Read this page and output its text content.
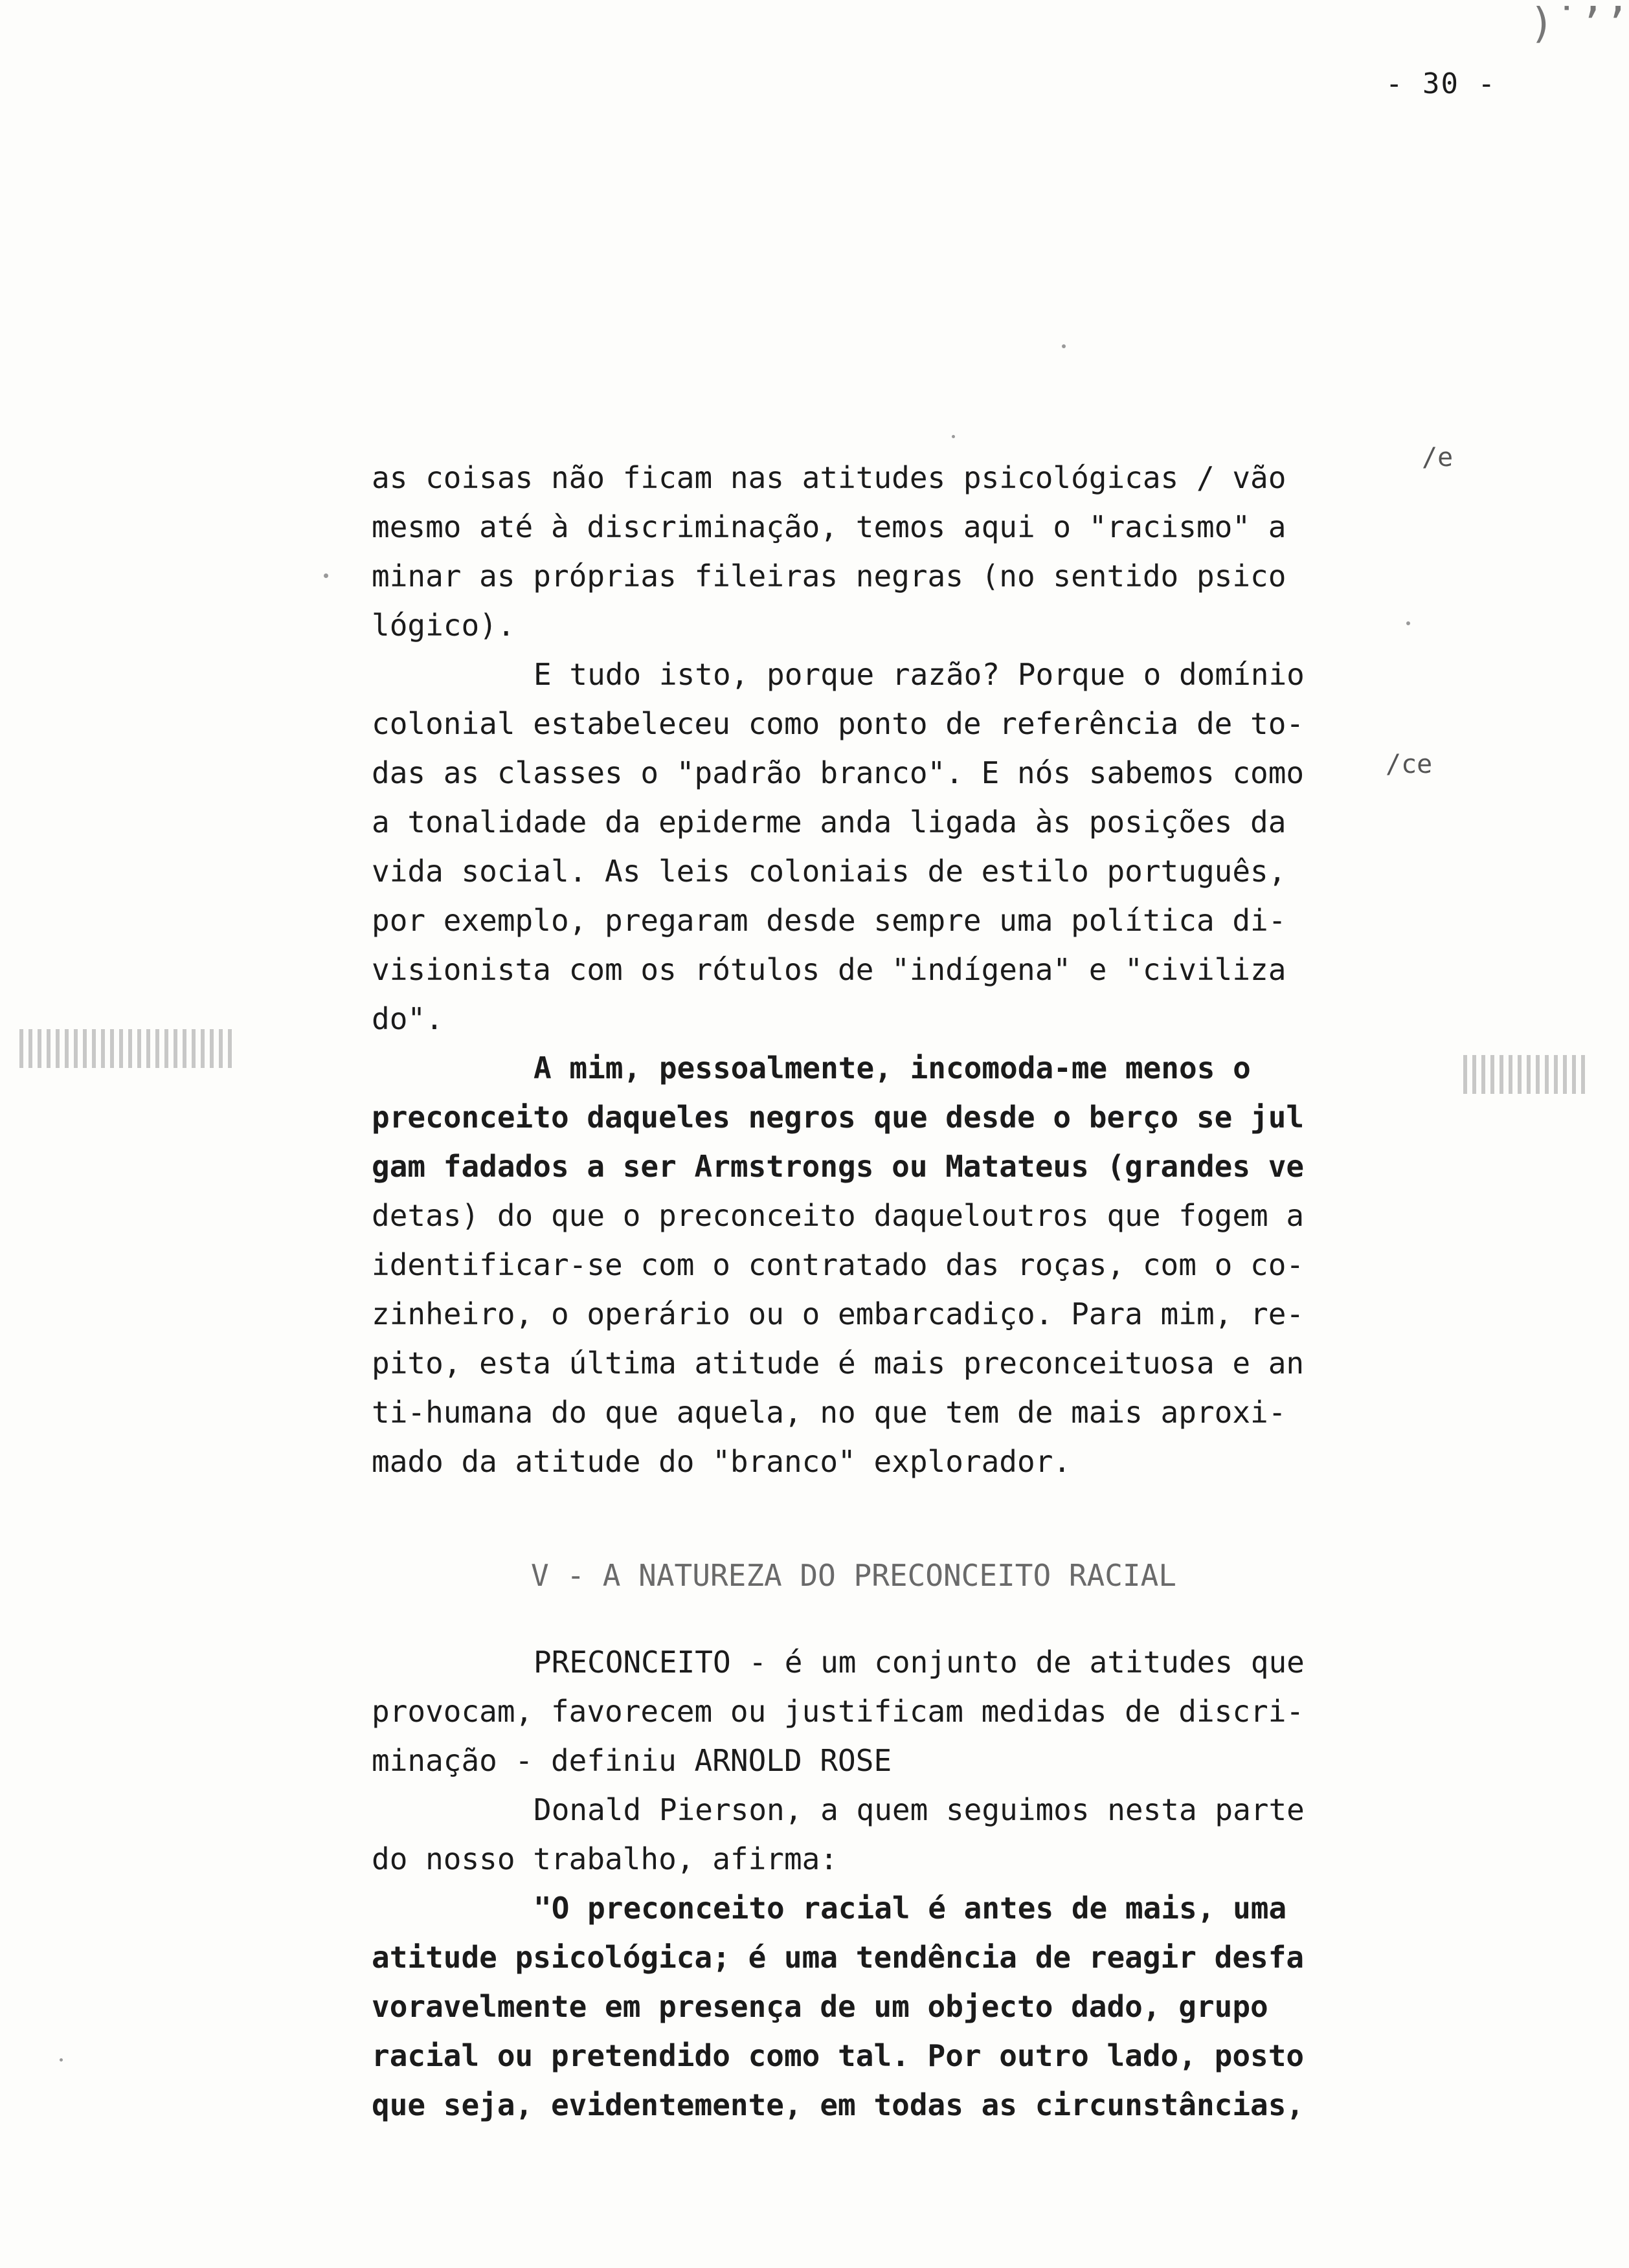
)˙ʼ’
- 30 -
/e
/ce
as coisas não ficam nas atitudes psicológicas / vão
mesmo até à discriminação, temos aqui o "racismo" a
minar as próprias fileiras negras (no sentido psico
lógico).
E tudo isto, porque razão? Porque o domínio
colonial estabeleceu como ponto de referência de to-
das as classes o "padrão branco". E nós sabemos como
a tonalidade da epiderme anda ligada às posições da
vida social. As leis coloniais de estilo português,
por exemplo, pregaram desde sempre uma política di-
visionista com os rótulos de "indígena" e "civiliza
do".
A mim, pessoalmente, incomoda-me menos o
preconceito daqueles negros que desde o berço se jul
gam fadados a ser Armstrongs ou Matateus (grandes ve
detas) do que o preconceito daqueloutros que fogem a
identificar-se com o contratado das roças, com o co-
zinheiro, o operário ou o embarcadiço. Para mim, re-
pito, esta última atitude é mais preconceituosa e an
ti-humana do que aquela, no que tem de mais aproxi-
mado da atitude do "branco" explorador.
V - A NATUREZA DO PRECONCEITO RACIAL
PRECONCEITO - é um conjunto de atitudes que
provocam, favorecem ou justificam medidas de discri-
minação - definiu ARNOLD ROSE
Donald Pierson, a quem seguimos nesta parte
do nosso trabalho, afirma:
"O preconceito racial é antes de mais, uma
atitude psicológica; é uma tendência de reagir desfa
voravelmente em presença de um objecto dado, grupo
racial ou pretendido como tal. Por outro lado, posto
que seja, evidentemente, em todas as circunstâncias,
